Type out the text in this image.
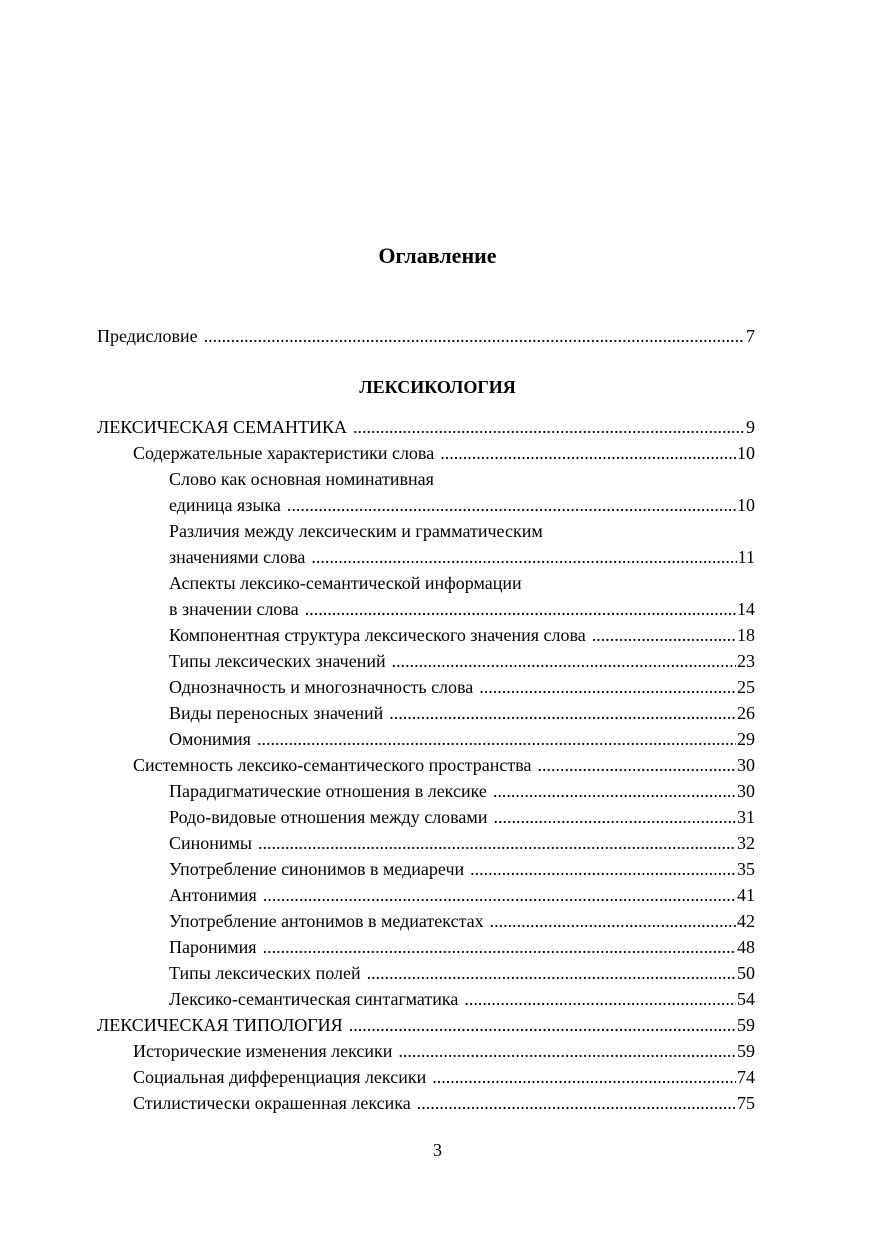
Оглавление
Предисловие .....	7
ЛЕКСИЧЕСКАЯ СЕМАНТИКА .....	9
Содержательные характеристики слова .....	10
Слово как основная номинативная
единица языка .....	10
Различия между лексическим и грамматическим
значениями слова .....	11
Аспекты лексико-семантической информации
в значении слова .....	14
Компонентная структура лексического значения слова .....	18
Типы лексических значений .....	23
Однозначность и многозначность слова .....	25
Виды переносных значений .....	26
Омонимия .....	29
Системность лексико-семантического пространства .....	30
Парадигматические отношения в лексике .....	30
Родо-видовые отношения между словами .....	31
Синонимы .....	32
Употребление синонимов в медиаречи .....	35
Антонимия .....	41
Употребление антонимов в медиатекстах .....	42
Паронимия .....	48
Типы лексических полей .....	50
Лексико-семантическая синтагматика .....	54
ЛЕКСИЧЕСКАЯ ТИПОЛОГИЯ .....	59
Исторические изменения лексики .....	59
Социальная дифференциация лексики .....	74
Стилистически окрашенная лексика .....	75
ЛЕКСИКОЛОГИЯ
3
